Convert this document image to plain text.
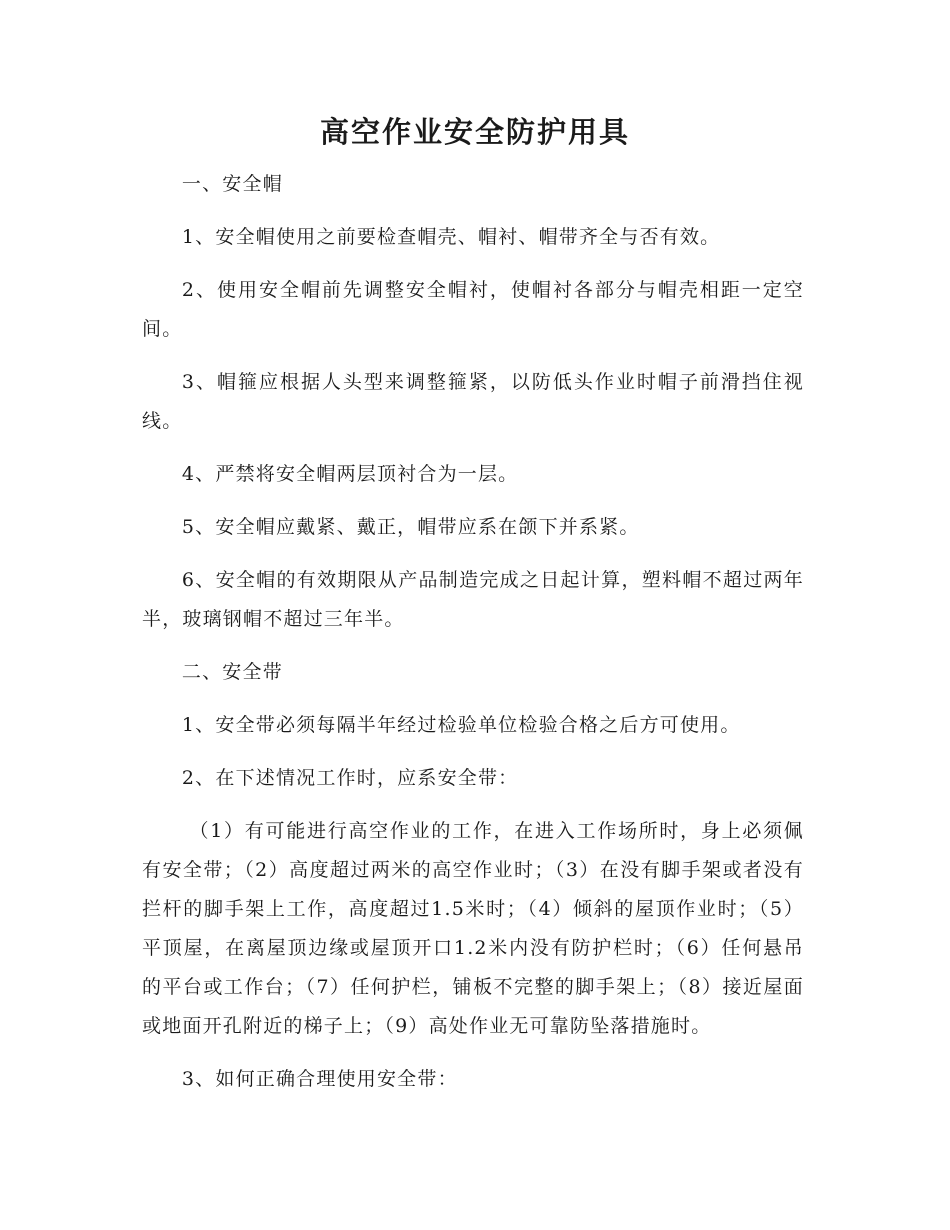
高空作业安全防护用具

一、安全帽

1、安全帽使用之前要检查帽壳、帽衬、帽带齐全与否有效。

2、使用安全帽前先调整安全帽衬，使帽衬各部分与帽壳相距一定空间。

3、帽箍应根据人头型来调整箍紧，以防低头作业时帽子前滑挡住视线。

4、严禁将安全帽两层顶衬合为一层。

5、安全帽应戴紧、戴正，帽带应系在颌下并系紧。

6、安全帽的有效期限从产品制造完成之日起计算，塑料帽不超过两年半，玻璃钢帽不超过三年半。

二、安全带

1、安全带必须每隔半年经过检验单位检验合格之后方可使用。

2、在下述情况工作时，应系安全带：

（1）有可能进行高空作业的工作，在进入工作场所时，身上必须佩有安全带；（2）高度超过两米的高空作业时；（3）在没有脚手架或者没有拦杆的脚手架上工作，高度超过1.5米时；（4）倾斜的屋顶作业时；（5）平顶屋，在离屋顶边缘或屋顶开口1.2米内没有防护栏时；（6）任何悬吊的平台或工作台；（7）任何护栏，铺板不完整的脚手架上；（8）接近屋面或地面开孔附近的梯子上；（9）高处作业无可靠防坠落措施时。

3、如何正确合理使用安全带：
